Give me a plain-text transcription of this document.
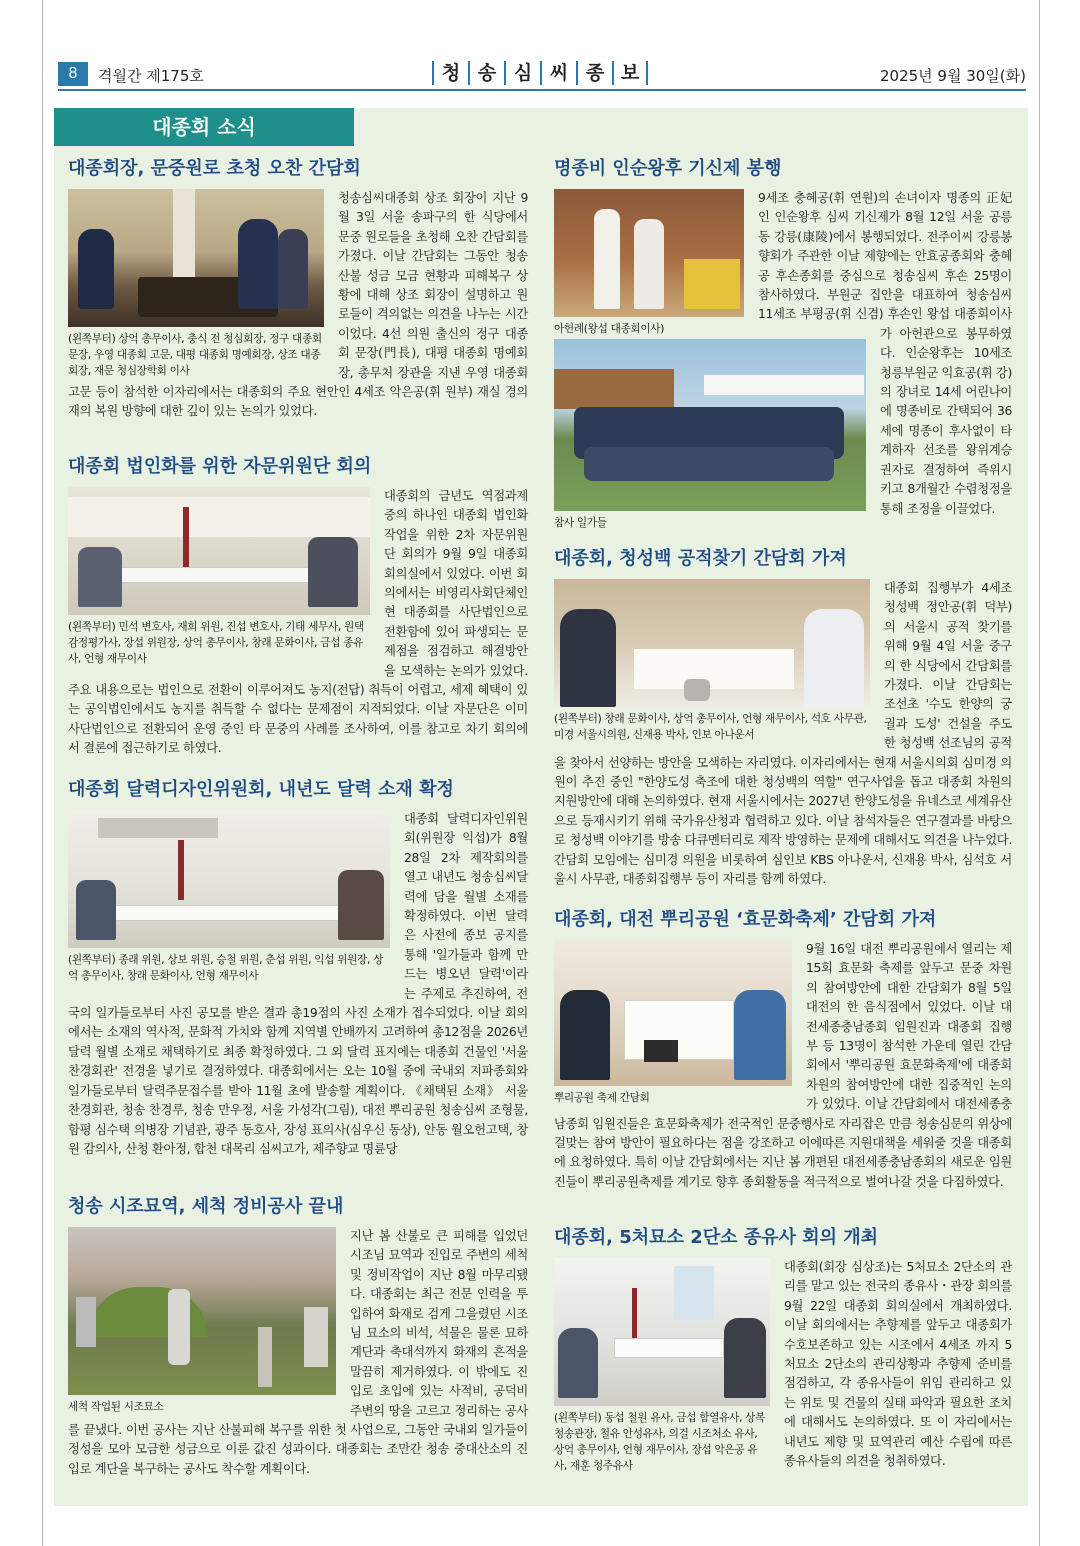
8	격월간 제175호	청 송 심 씨 종 보	2025년 9월 30일(화)
대종회 소식
대종회장, 문중원로 초청 오찬 간담회
(왼쪽부터) 상억 총무이사, 충식 전 청심회장, 정구 대종회 문장, 우영 대종회 고문, 대평 대종회 명예회장, 상조 대종회장, 재문 청심장학회 이사

청송심씨대종회 상조 회장이 지난 9월 3일 서울 송파구의 한 식당에서 문중 원로들을 초청해 오찬 간담회를 가졌다. 이날 간담회는 그동안 청송산불 성금 모금 현황과 피해복구 상황에 대해 상조 회장이 설명하고 원로들이 격의없는 의견을 나누는 시간이었다. 4선 의원 출신의 정구 대종회 문장(門長), 대평 대종회 명예회장, 총무처 장관을 지낸 우영 대종회 고문 등이 참석한 이자리에서는 대종회의 주요 현안인 4세조 악은공(휘 원부) 재실 경의재의 복원 방향에 대한 깊이 있는 논의가 있었다.

대종회 법인화를 위한 자문위원단 회의
(왼쪽부터) 민석 변호사, 재희 위원, 진섭 변호사, 기태 세무사, 원택 감정평가사, 장섭 위원장, 상억 총무이사, 창래 문화이사, 금섭 종유사, 언형 재무이사

대종회의 금년도 역점과제 중의 하나인 대종회 법인화 작업을 위한 2차 자문위원단 회의가 9월 9일 대종회 회의실에서 있었다. 이번 회의에서는 비영리사회단체인 현 대종회를 사단법인으로 전환함에 있어 파생되는 문제점을 점검하고 해결방안을 모색하는 논의가 있었다. 주요 내용으로는 법인으로 전환이 이루어져도 농지(전답) 취득이 어렵고, 세제 혜택이 있는 공익법인에서도 농지를 취득할 수 없다는 문제점이 지적되었다. 이날 자문단은 이미 사단법인으로 전환되어 운영 중인 타 문중의 사례를 조사하여, 이를 참고로 차기 회의에서 결론에 접근하기로 하였다.

대종회 달력디자인위원회, 내년도 달력 소재 확정
(왼쪽부터) 종래 위원, 상보 위원, 승철 위원, 춘섭 위원, 익섭 위원장, 상억 총무이사, 창래 문화이사, 언형 재무이사

대종회 달력디자인위원회(위원장 익섭)가 8월 28일 2차 제작회의를 열고 내년도 청송심씨달력에 담을 월별 소재를 확정하였다. 이번 달력은 사전에 종보 공지를 통해 '일가들과 함께 만드는 병오년 달력'이라는 주제로 추진하여, 전국의 일가들로부터 사진 공모를 받은 결과 총19점의 사진 소재가 접수되었다. 이날 회의에서는 소재의 역사적, 문화적 가치와 함께 지역별 안배까지 고려하여 총12점을 2026년 달력 월별 소재로 채택하기로 최종 확정하였다. 그 외 달력 표지에는 대종회 건물인 '서울 찬경회관' 전경을 넣기로 결정하였다. 대종회에서는 오는 10월 중에 국내외 지파종회와 일가들로부터 달력주문접수를 받아 11월 초에 발송할 계획이다. 《채택된 소재》 서울 찬경회관, 청송 찬경루, 청송 만우정, 서울 가성각(그림), 대전 뿌리공원 청송심씨 조형물, 함평 심수택 의병장 기념관, 광주 동호사, 장성 표의사(심우신 동상), 안동 월오헌고택, 창원 감의사, 산청 환아정, 합천 대목리 심씨고가, 제주향교 명륜당

청송 시조묘역, 세척 정비공사 끝내
세척 작업된 시조묘소

지난 봄 산불로 큰 피해를 입었던 시조님 묘역과 진입로 주변의 세척 및 정비작업이 지난 8월 마무리됐다. 대종회는 최근 전문 인력을 투입하여 화재로 검게 그을렸던 시조님 묘소의 비석, 석물은 물론 묘하 계단과 축대석까지 화재의 흔적을 말끔히 제거하였다. 이 밖에도 진입로 초입에 있는 사적비, 공덕비 주변의 땅을 고르고 정리하는 공사를 끝냈다. 이번 공사는 지난 산불피해 복구를 위한 첫 사업으로, 그동안 국내외 일가들이 정성을 모아 모금한 성금으로 이룬 값진 성과이다. 대종회는 조만간 청송 중대산소의 진입로 계단을 복구하는 공사도 착수할 계획이다.

명종비 인순왕후 기신제 봉행
아헌례(왕섭 대종회이사)
참사 일가들

9세조 충혜공(휘 연원)의 손녀이자 명종의 正妃인 인순왕후 심씨 기신제가 8월 12일 서울 공릉동 강릉(康陵)에서 봉행되었다. 전주이씨 강릉봉향회가 주관한 이날 제향에는 안효공종회와 충혜공 후손종회를 중심으로 청송심씨 후손 25명이 참사하였다. 부원군 집안을 대표하여 청송심씨 11세조 부평공(휘 신겸) 후손인 왕섭 대종회이사가 아헌관으로 봉무하였다. 인순왕후는 10세조 청릉부원군 익효공(휘 강)의 장녀로 14세 어린나이에 명종비로 간택되어 36세에 명종이 후사없이 타계하자 선조를 왕위계승권자로 결정하여 즉위시키고 8개월간 수렴청정을 통해 조정을 이끌었다.

대종회, 청성백 공적찾기 간담회 가져
(왼쪽부터) 창래 문화이사, 상억 총무이사, 언형 재무이사, 석호 사무관, 미경 서울시의원, 신재용 박사, 인보 아나운서

대종회 집행부가 4세조 청성백 정안공(휘 덕부)의 서울시 공적 찾기를 위해 9월 4일 서울 중구의 한 식당에서 간담회를 가졌다. 이날 간담회는 조선초 '수도 한양의 궁궐과 도성' 건설을 주도한 청성백 선조님의 공적을 찾아서 선양하는 방안을 모색하는 자리였다. 이자리에서는 현재 서울시의회 심미경 의원이 추진 중인 "한양도성 축조에 대한 청성백의 역할" 연구사업을 돕고 대종회 차원의 지원방안에 대해 논의하였다. 현재 서울시에서는 2027년 한양도성을 유네스코 세계유산으로 등재시키기 위해 국가유산청과 협력하고 있다. 이날 참석자들은 연구결과를 바탕으로 청성백 이야기를 방송 다큐멘터리로 제작 방영하는 문제에 대해서도 의견을 나누었다. 간담회 모임에는 심미경 의원을 비롯하여 심인보 KBS 아나운서, 신재용 박사, 심석호 서울시 사무관, 대종회집행부 등이 자리를 함께 하였다.

대종회, 대전 뿌리공원 ‘효문화축제’ 간담회 가져
뿌리공원 축제 간담회

9월 16일 대전 뿌리공원에서 열리는 제15회 효문화 축제를 앞두고 문중 차원의 참여방안에 대한 간담회가 8월 5일 대전의 한 음식점에서 있었다. 이날 대전세종충남종회 임원진과 대종회 집행부 등 13명이 참석한 가운데 열린 간담회에서 '뿌리공원 효문화축제'에 대종회 차원의 참여방안에 대한 집중적인 논의가 있었다. 이날 간담회에서 대전세종충남종회 임원진들은 효문화축제가 전국적인 문중행사로 자리잡은 만큼 청송심문의 위상에 걸맞는 참여 방안이 필요하다는 점을 강조하고 이에따른 지원대책을 세워줄 것을 대종회에 요청하였다. 특히 이날 간담회에서는 지난 봄 개편된 대전세종충남종회의 새로운 임원진들이 뿌리공원축제를 계기로 향후 종회활동을 적극적으로 벌여나갈 것을 다짐하였다.

대종회, 5처묘소 2단소 종유사 회의 개최
(왼쪽부터) 동섭 철원 유사, 금섭 함열유사, 상복 청송관장, 철유 안성유사, 의걸 시조처소 유사, 상억 총무이사, 언형 재무이사, 장섭 악은공 유사, 재훈 청주유사

대종회(회장 심상조)는 5처묘소 2단소의 관리를 맡고 있는 전국의 종유사・관장 회의를 9월 22일 대종회 회의실에서 개최하였다. 이날 회의에서는 추향제를 앞두고 대종회가 수호보존하고 있는 시조에서 4세조 까지 5처묘소 2단소의 관리상황과 추향제 준비를 점검하고, 각 종유사들이 위임 관리하고 있는 위토 및 건물의 실태 파악과 필요한 조치에 대해서도 논의하였다. 또 이 자리에서는 내년도 제향 및 묘역관리 예산 수립에 따른 종유사들의 의견을 청취하였다.
